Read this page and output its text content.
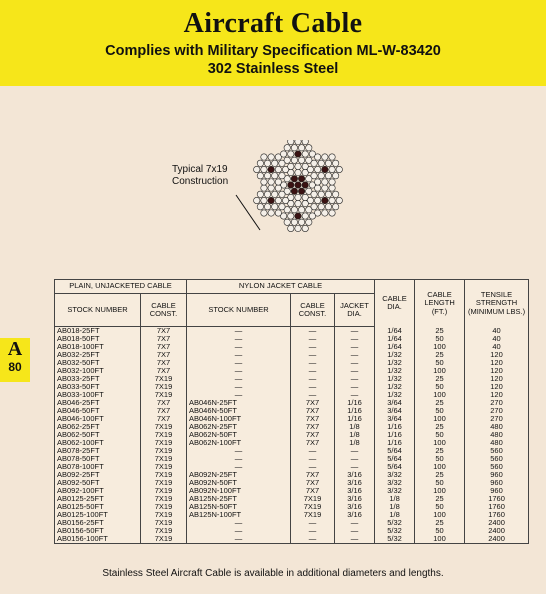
Aircraft Cable
Complies with Military Specification ML-W-83420
302 Stainless Steel
Typical 7x19
Construction
A
80
PLAIN, UNJACKETED CABLE		NYLON JACKET CABLE			CABLE DIA.	CABLE LENGTH (FT.)	TENSILE STRENGTH (MINIMUM LBS.)
STOCK NUMBER	CABLE CONST.	STOCK NUMBER	CABLE CONST.	JACKET DIA.			
AB018-25FT	7X7	—	—	—	1/64	25	40
AB018-50FT	7X7	—	—	—	1/64	50	40
AB018-100FT	7X7	—	—	—	1/64	100	40
AB032-25FT	7X7	—	—	—	1/32	25	120
AB032-50FT	7X7	—	—	—	1/32	50	120
AB032-100FT	7X7	—	—	—	1/32	100	120
AB033-25FT	7X19	—	—	—	1/32	25	120
AB033-50FT	7X19	—	—	—	1/32	50	120
AB033-100FT	7X19	—	—	—	1/32	100	120
AB046-25FT	7X7	AB046N-25FT	7X7	1/16	3/64	25	270
AB046-50FT	7X7	AB046N-50FT	7X7	1/16	3/64	50	270
AB046-100FT	7X7	AB046N-100FT	7X7	1/16	3/64	100	270
AB062-25FT	7X19	AB062N-25FT	7X7	1/8	1/16	25	480
AB062-50FT	7X19	AB062N-50FT	7X7	1/8	1/16	50	480
AB062-100FT	7X19	AB062N-100FT	7X7	1/8	1/16	100	480
AB078-25FT	7X19	—	—	—	5/64	25	560
AB078-50FT	7X19	—	—	—	5/64	50	560
AB078-100FT	7X19	—	—	—	5/64	100	560
AB092-25FT	7X19	AB092N-25FT	7X7	3/16	3/32	25	960
AB092-50FT	7X19	AB092N-50FT	7X7	3/16	3/32	50	960
AB092-100FT	7X19	AB092N-100FT	7X7	3/16	3/32	100	960
AB0125-25FT	7X19	AB125N-25FT	7X19	3/16	1/8	25	1760
AB0125-50FT	7X19	AB125N-50FT	7X19	3/16	1/8	50	1760
AB0125-100FT	7X19	AB125N-100FT	7X19	3/16	1/8	100	1760
AB0156-25FT	7X19	—	—	—	5/32	25	2400
AB0156-50FT	7X19	—	—	—	5/32	50	2400
AB0156-100FT	7X19	—	—	—	5/32	100	2400
Stainless Steel Aircraft Cable is available in additional diameters and lengths.
